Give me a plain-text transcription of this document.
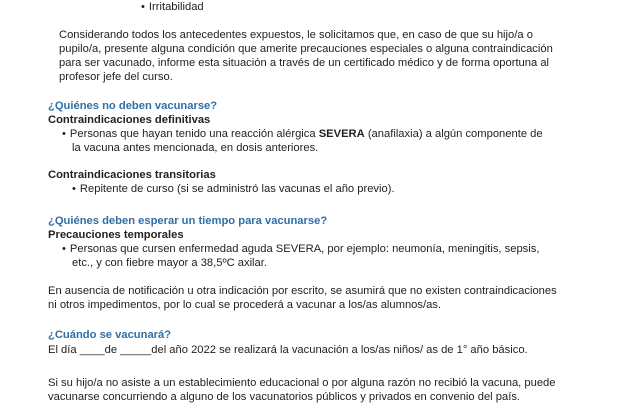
• Irritabilidad
Considerando todos los antecedentes expuestos, le solicitamos que, en caso de que su hijo/a o
pupilo/a, presente alguna condición que amerite precauciones especiales o alguna contraindicación
para ser vacunado, informe esta situación a través de un certificado médico y de forma oportuna al
profesor jefe del curso.
¿Quiénes no deben vacunarse?
Contraindicaciones definitivas
• Personas que hayan tenido una reacción alérgica SEVERA (anafilaxia) a algún componente de
la vacuna antes mencionada, en dosis anteriores.
Contraindicaciones transitorias
• Repitente de curso (si se administró las vacunas el año previo).
¿Quiénes deben esperar un tiempo para vacunarse?
Precauciones temporales
• Personas que cursen enfermedad aguda SEVERA, por ejemplo: neumonía, meningitis, sepsis,
etc., y con fiebre mayor a 38,5ºC axilar.
En ausencia de notificación u otra indicación por escrito, se asumirá que no existen contraindicaciones
ni otros impedimentos, por lo cual se procederá a vacunar a los/as alumnos/as.
¿Cuándo se vacunará?
El día ____de _____del año 2022 se realizará la vacunación a los/as niños/ as de 1° año básico.
Si su hijo/a no asiste a un establecimiento educacional o por alguna razón no recibió la vacuna, puede
vacunarse concurriendo a alguno de los vacunatorios públicos y privados en convenio del país.
